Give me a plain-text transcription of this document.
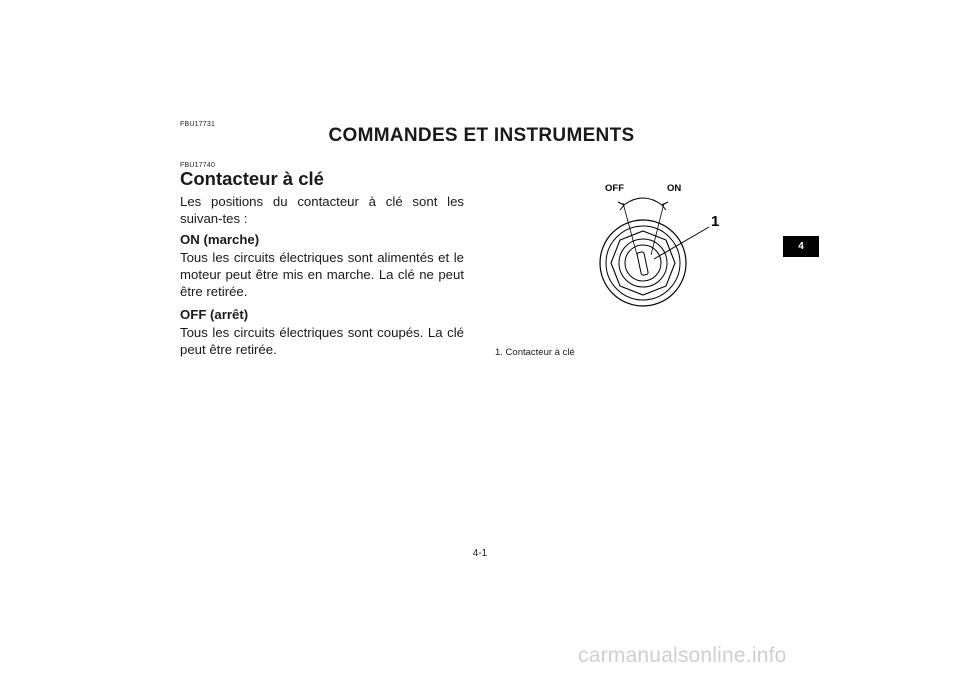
FBU17731
COMMANDES ET INSTRUMENTS
FBU17740
Contacteur à clé
Les positions du contacteur à clé sont les suivan-tes :
ON (marche)
Tous les circuits électriques sont alimentés et le moteur peut être mis en marche. La clé ne peut être retirée.
OFF (arrêt)
Tous les circuits électriques sont coupés. La clé peut être retirée.
OFF	ON
1
1. Contacteur à clé
4
4-1
carmanualsonline.info
